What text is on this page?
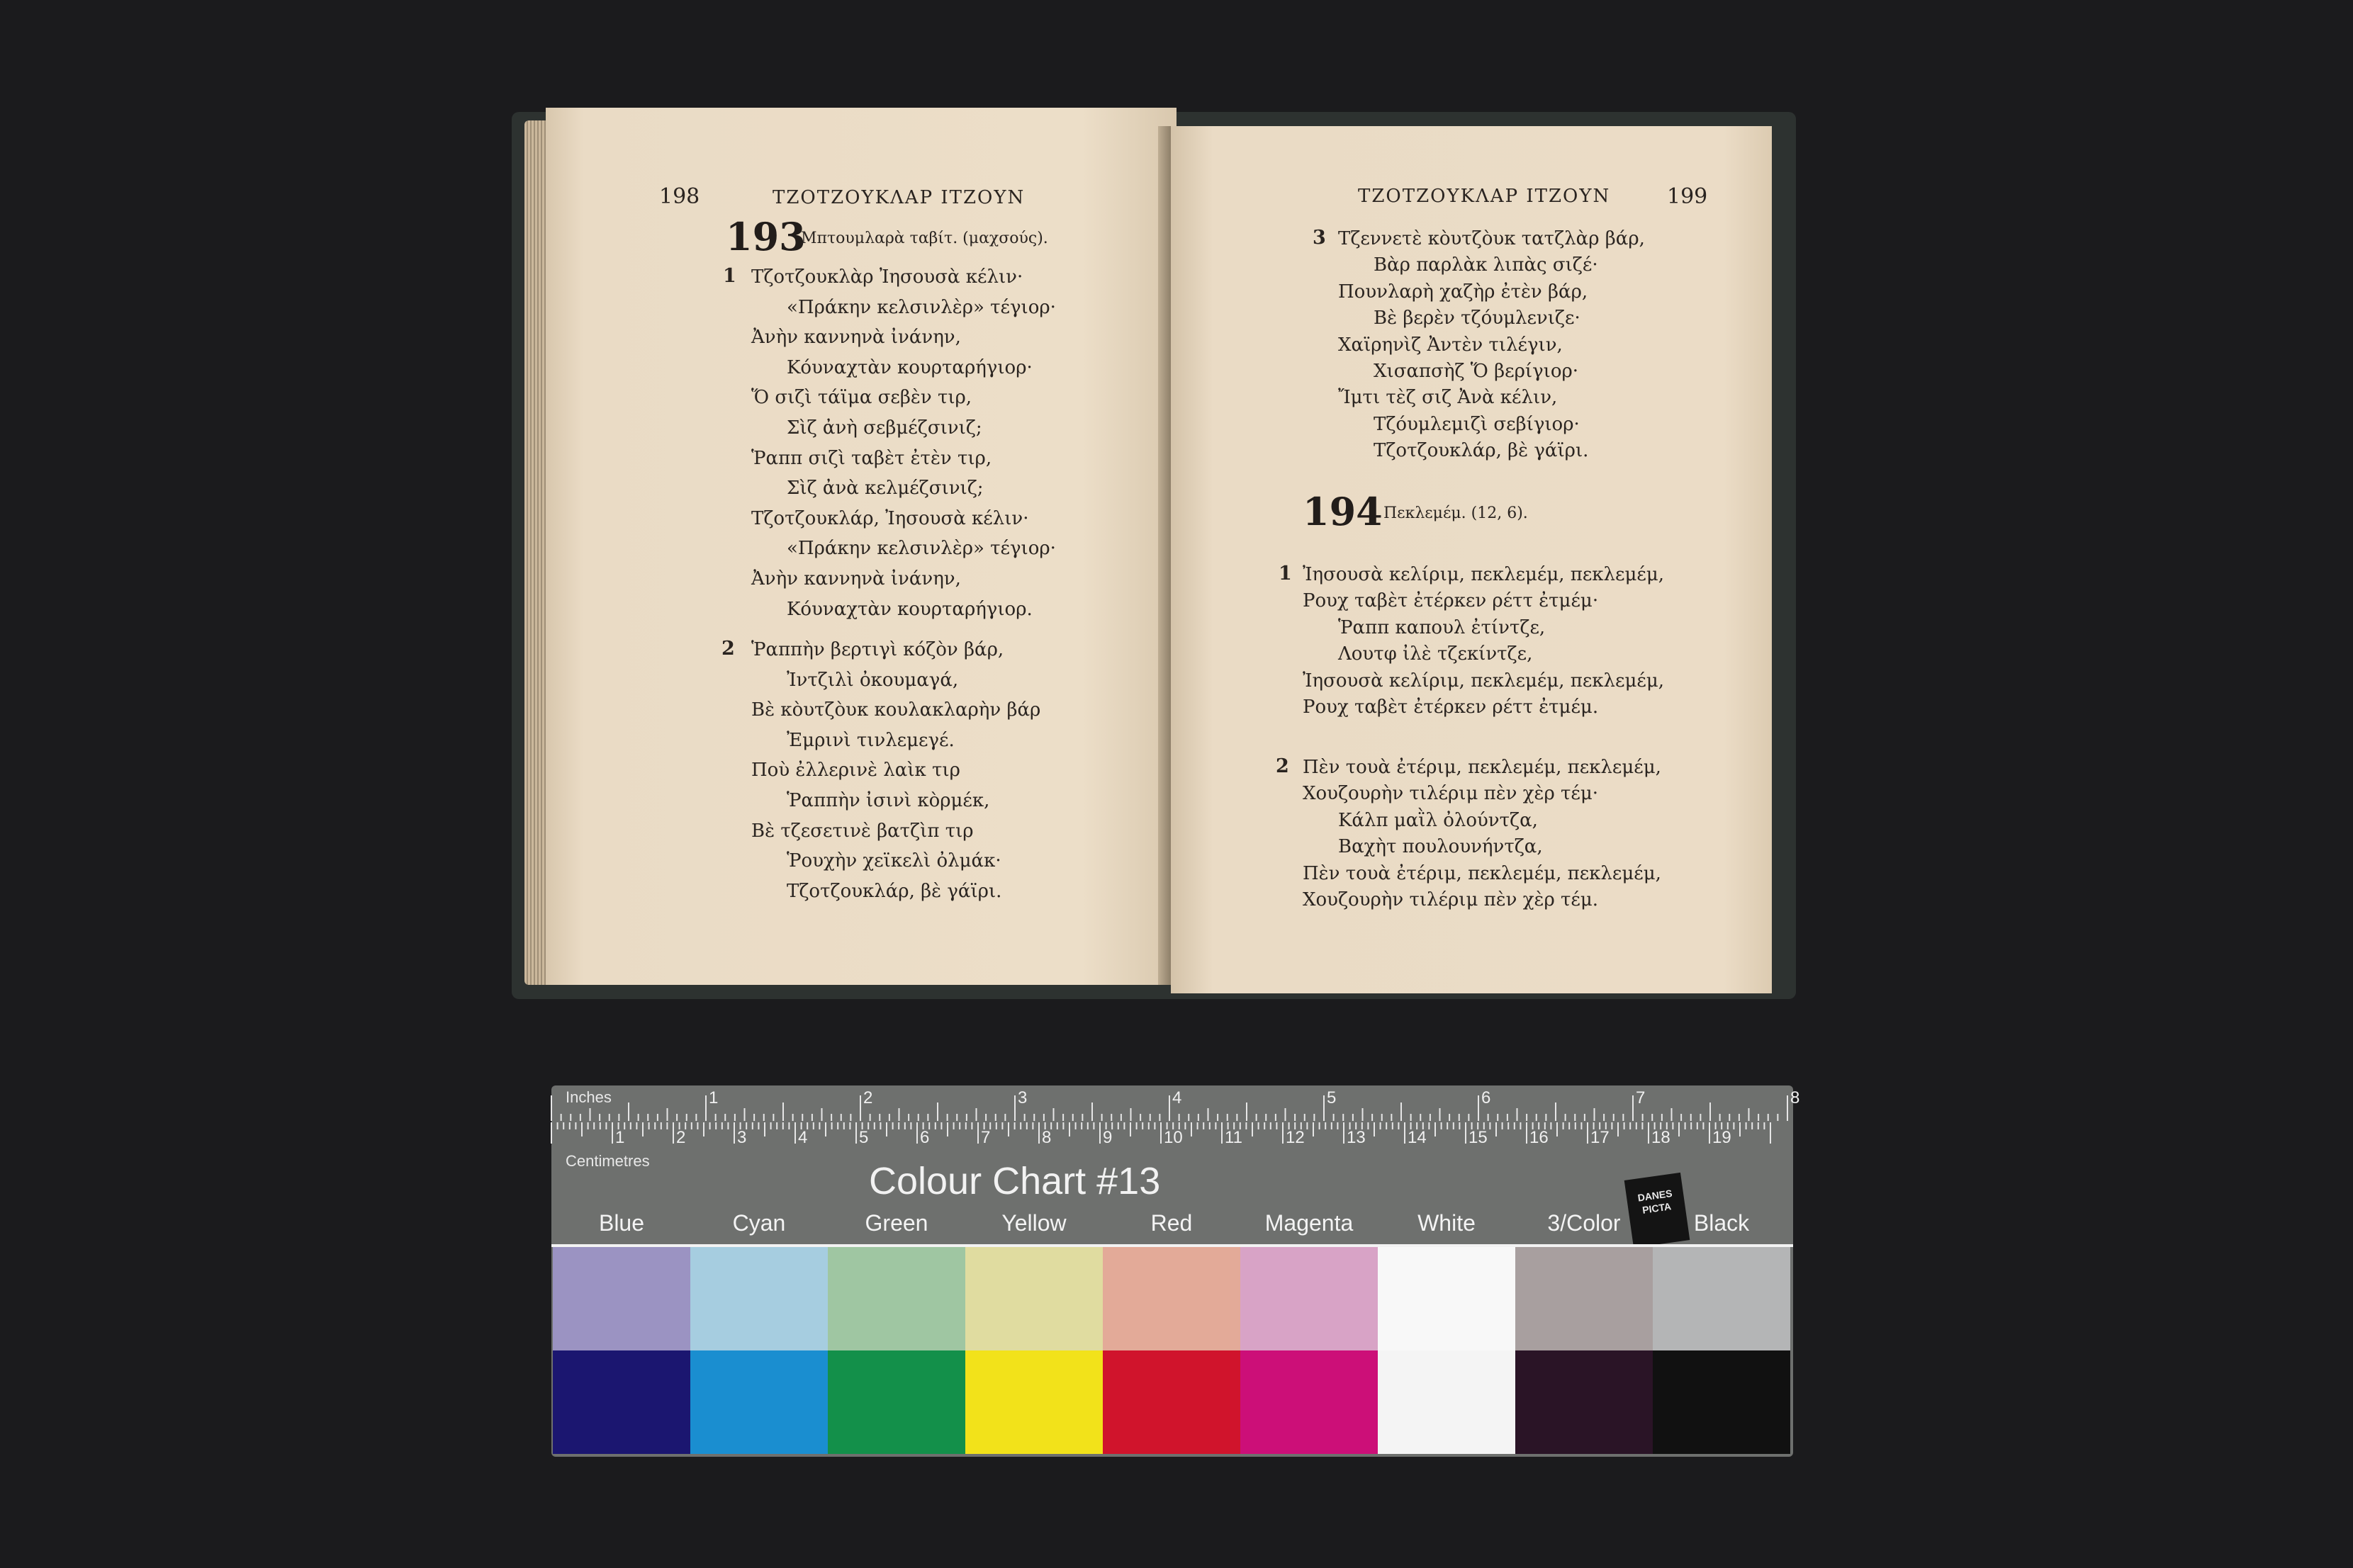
198	ΤΖΟΤΖΟΥΚΛΑΡ ΙΤΖΟΥΝ
193
Μπτουμλαρὰ ταβίτ. (μαχσούς).
1 Τζοτζουκλὰρ Ἰησουσὰ κέλιν·
«Πράκην κελσινλὲρ» τέγιορ·
Ἀνὴν καννηνὰ ἰνάνην,
Κόυναχτὰν κουρταρήγιορ·
Ὅ σιζὶ τάϊμα σεβὲν τιρ,
Σὶζ ἀνὴ σεβμέζσινιζ;
Ῥαππ σιζὶ ταβὲτ ἐτὲν τιρ,
Σὶζ ἀνὰ κελμέζσινιζ;
Τζοτζουκλάρ, Ἰησουσὰ κέλιν·
«Πράκην κελσινλὲρ» τέγιορ·
Ἀνὴν καννηνὰ ἰνάνην,
Κόυναχτὰν κουρταρήγιορ.
2 Ῥαππὴν βερτιγὶ κόζὸν βάρ,
Ἰντζιλὶ ὀκουμαγά,
Βὲ κὸυτζὸυκ κουλακλαρὴν βάρ
Ἐμρινὶ τινλεμεγέ.
Ποὺ ἐλλερινὲ λαὶκ τιρ
Ῥαππὴν ἰσινὶ κὸρμέκ,
Βὲ τζεσετινὲ βατζὶπ τιρ
Ῥουχὴν χεϊκελὶ ὀλμάκ·
Τζοτζουκλάρ, βὲ γάϊρι.
ΤΖΟΤΖΟΥΚΛΑΡ ΙΤΖΟΥΝ	199
3 Τζεννετὲ κὸυτζὸυκ τατζλὰρ βάρ,
Βὰρ παρλὰκ λιπὰς σιζέ·
Πουνλαρὴ χαζὴρ ἐτὲν βάρ,
Βὲ βερὲν τζόυμλενιζε·
Χαϊρηνὶζ Ἀντὲν τιλέγιν,
Χισαπσὴζ Ὅ βερίγιορ·
Ἴμτι τὲζ σιζ Ἀνὰ κέλιν,
Τζόυμλεμιζὶ σεβίγιορ·
Τζοτζουκλάρ, βὲ γάϊρι.
194 Πεκλεμέμ. (12, 6).
1 Ἰησουσὰ κελίριμ, πεκλεμέμ, πεκλεμέμ,
Ρουχ ταβὲτ ἐτέρκεν ρέττ ἐτμέμ·
Ῥαππ καπουλ ἐτίντζε,
Λουτφ ἰλὲ τζεκίντζε,
Ἰησουσὰ κελίριμ, πεκλεμέμ, πεκλεμέμ,
Ρουχ ταβὲτ ἐτέρκεν ρέττ ἐτμέμ.
2 Πὲν τουὰ ἐτέριμ, πεκλεμέμ, πεκλεμέμ,
Χουζουρὴν τιλέριμ πὲν χὲρ τέμ·
Κάλπ μαῒλ ὀλούντζα,
Βαχὴτ πουλουνήντζα,
Πὲν τουὰ ἐτέριμ, πεκλεμέμ, πεκλεμέμ,
Χουζουρὴν τιλέριμ πὲν χὲρ τέμ.
Inches
Centimetres
1	2	3	4	5	6	7	8
1	2	3	4	5	6	7	8	9	10 11	12 13 14 15 16 17 18 19
Colour Chart #13	DANES PICTA
Blue	Cyan	Green	Yellow	Red	Magenta	White	3/Color	Black
